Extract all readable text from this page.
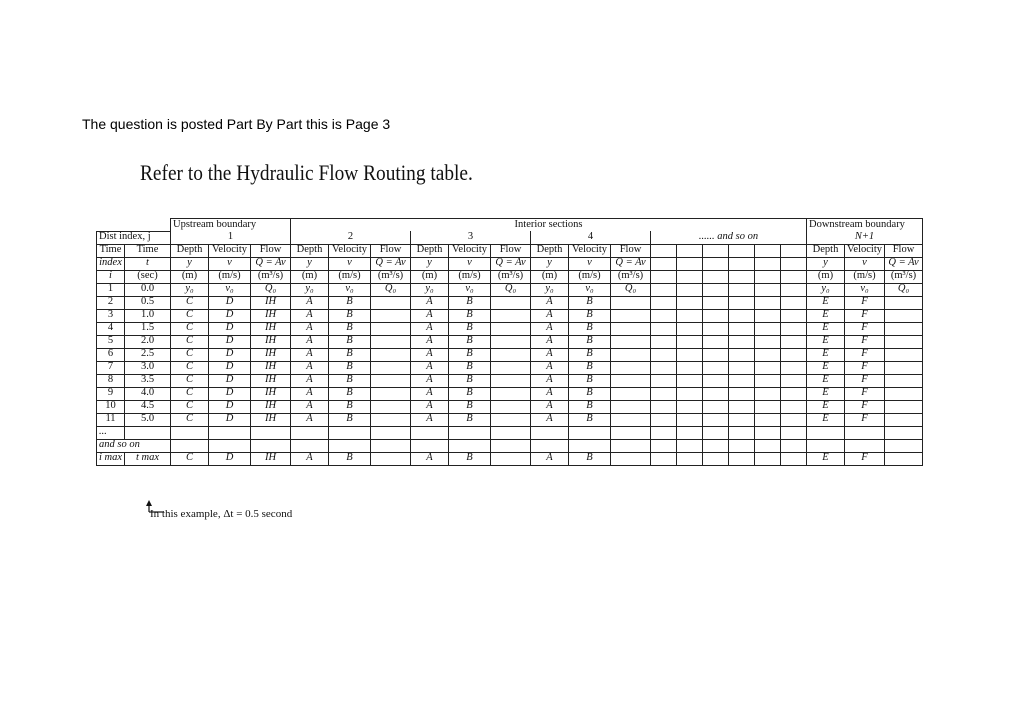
The question is posted Part By Part this is Page 3
Refer to the Hydraulic Flow Routing table.
		Upstream boundary			Interior sections															Downstream boundary		
Dist index, j		1			2			3			4			...... and so on						N+1		
Time	Time	Depth	Velocity	Flow	Depth	Velocity	Flow	Depth	Velocity	Flow	Depth	Velocity	Flow							Depth	Velocity	Flow
index	t	y	v	Q = Av	y	v	Q = Av	y	v	Q = Av	y	v	Q = Av							y	v	Q = Av
i	(sec)	(m)	(m/s)	(m³/s)	(m)	(m/s)	(m³/s)	(m)	(m/s)	(m³/s)	(m)	(m/s)	(m³/s)							(m)	(m/s)	(m³/s)
1	0.0	y₀	v₀	Q₀	y₀	v₀	Q₀	y₀	v₀	Q₀	y₀	v₀	Q₀							y₀	v₀	Q₀
2	0.5	C	D	IH	A	B		A	B		A	B								E	F	
3	1.0	C	D	IH	A	B		A	B		A	B								E	F	
4	1.5	C	D	IH	A	B		A	B		A	B								E	F	
5	2.0	C	D	IH	A	B		A	B		A	B								E	F	
6	2.5	C	D	IH	A	B		A	B		A	B								E	F	
7	3.0	C	D	IH	A	B		A	B		A	B								E	F	
8	3.5	C	D	IH	A	B		A	B		A	B								E	F	
9	4.0	C	D	IH	A	B		A	B		A	B								E	F	
10	4.5	C	D	IH	A	B		A	B		A	B								E	F	
11	5.0	C	D	IH	A	B		A	B		A	B								E	F	
...																						
and so on																						
i max	t max	C	D	IH	A	B		A	B		A	B								E	F	
In this example, Δt = 0.5 second
